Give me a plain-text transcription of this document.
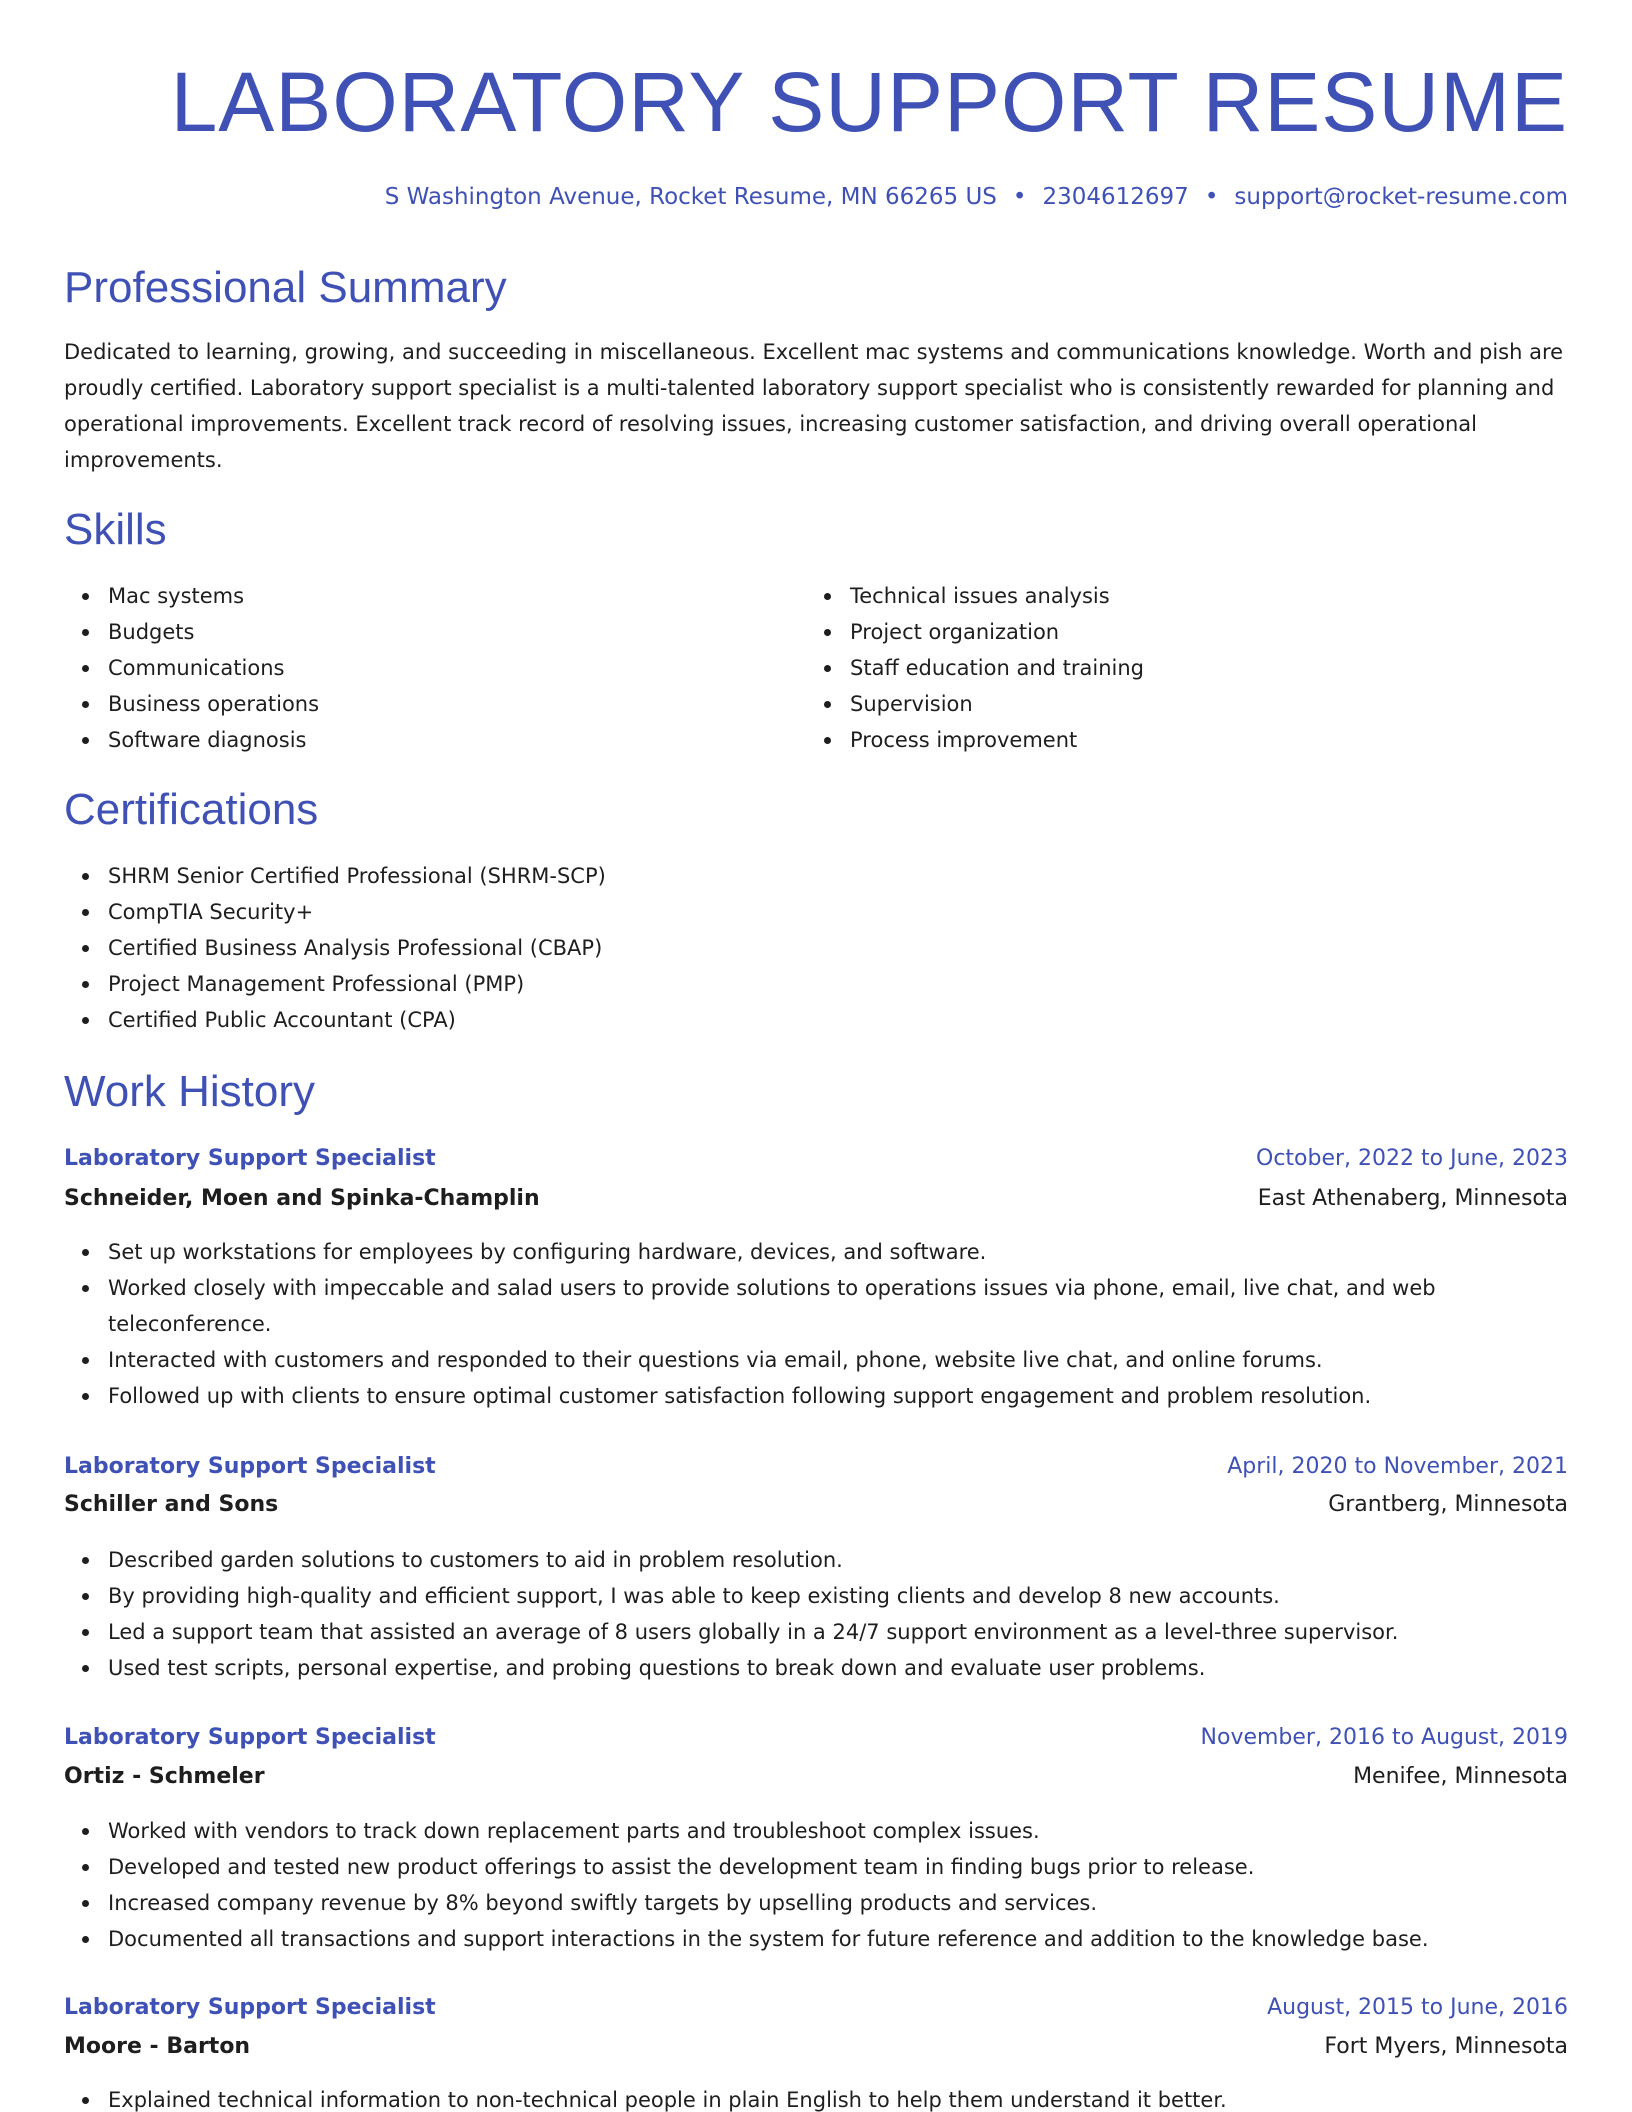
LABORATORY SUPPORT RESUME
S Washington Avenue, Rocket Resume, MN 66265 US • 2304612697 • support@rocket-resume.com
Professional Summary

Dedicated to learning, growing, and succeeding in miscellaneous. Excellent mac systems and communications knowledge. Worth and pish are proudly certified. Laboratory support specialist is a multi-talented laboratory support specialist who is consistently rewarded for planning and operational improvements. Excellent track record of resolving issues, increasing customer satisfaction, and driving overall operational improvements.

Skills
Mac systems
Budgets
Communications
Business operations
Software diagnosis
Technical issues analysis
Project organization
Staff education and training
Supervision
Process improvement
Certifications
SHRM Senior Certified Professional (SHRM-SCP)
CompTIA Security+
Certified Business Analysis Professional (CBAP)
Project Management Professional (PMP)
Certified Public Accountant (CPA)
Work History
Laboratory Support Specialist	October, 2022 to June, 2023
Schneider, Moen and Spinka-Champlin	East Athenaberg, Minnesota
Set up workstations for employees by configuring hardware, devices, and software.
Worked closely with impeccable and salad users to provide solutions to operations issues via phone, email, live chat, and web teleconference.
Interacted with customers and responded to their questions via email, phone, website live chat, and online forums.
Followed up with clients to ensure optimal customer satisfaction following support engagement and problem resolution.
Laboratory Support Specialist	April, 2020 to November, 2021
Schiller and Sons	Grantberg, Minnesota
Described garden solutions to customers to aid in problem resolution.
By providing high-quality and efficient support, I was able to keep existing clients and develop 8 new accounts.
Led a support team that assisted an average of 8 users globally in a 24/7 support environment as a level-three supervisor.
Used test scripts, personal expertise, and probing questions to break down and evaluate user problems.
Laboratory Support Specialist	November, 2016 to August, 2019
Ortiz - Schmeler	Menifee, Minnesota
Worked with vendors to track down replacement parts and troubleshoot complex issues.
Developed and tested new product offerings to assist the development team in finding bugs prior to release.
Increased company revenue by 8% beyond swiftly targets by upselling products and services.
Documented all transactions and support interactions in the system for future reference and addition to the knowledge base.
Laboratory Support Specialist	August, 2015 to June, 2016
Moore - Barton	Fort Myers, Minnesota
Explained technical information to non-technical people in plain English to help them understand it better.
